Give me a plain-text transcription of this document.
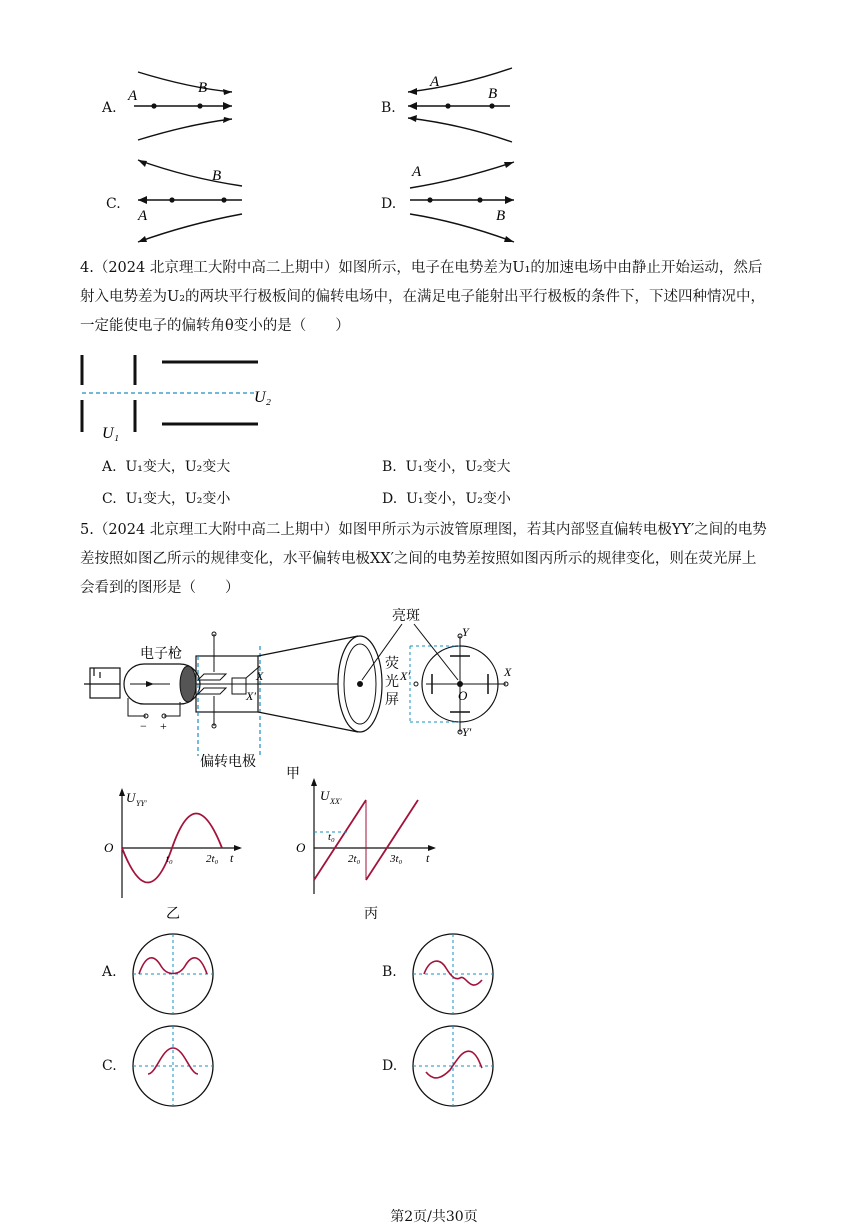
A.
A	B
B.
A
B
C.
B
A
D.
A
B
4.（2024 北京理工大附中高二上期中）如图所示，电子在电势差为U₁的加速电场中由静止开始运动，然后
射入电势差为U₂的两块平行极板间的偏转电场中，在满足电子能射出平行极板的条件下，下述四种情况中，
一定能使电子的偏转角θ变小的是（　　）
U₁
U₂
A. U₁变大，U₂变大	B. U₁变小，U₂变大
C. U₁变大，U₂变小	D. U₁变小，U₂变小
5.（2024 北京理工大附中高二上期中）如图甲所示为示波管原理图，若其内部竖直偏转电极YY′之间的电势
差按照如图乙所示的规律变化，水平偏转电极XX′之间的电势差按照如图丙所示的规律变化，则在荧光屏上
会看到的图形是（　　）
− +
X
X′
X′	X
Y
Y′
O
亮斑
荧
光
屏
电子枪
偏转电极
甲
U YY′
O
t₀	2t₀ t
乙
U XX′
O
t₀
2t₀	3t₀ t
丙
A.	B.
C.	D.
第2页/共30页
